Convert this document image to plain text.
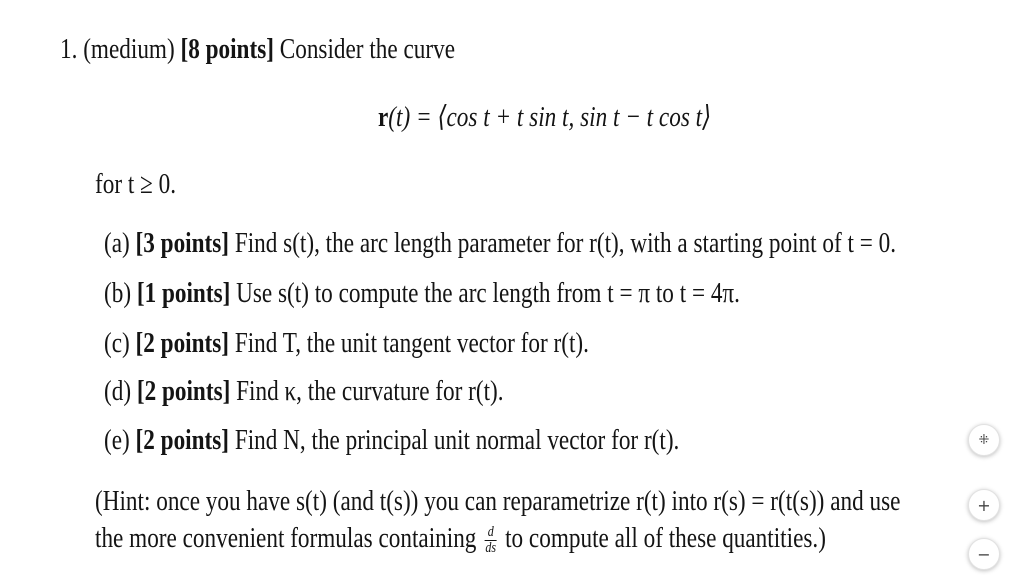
1. (medium) [8 points] Consider the curve
r(t) = ⟨cos t + t sin t, sin t − t cos t⟩
for t ≥ 0.
(a) [3 points] Find s(t), the arc length parameter for r(t), with a starting point of t = 0.
(b) [1 points] Use s(t) to compute the arc length from t = π to t = 4π.
(c) [2 points] Find T, the unit tangent vector for r(t).
(d) [2 points] Find κ, the curvature for r(t).
(e) [2 points] Find N, the principal unit normal vector for r(t).
(Hint: once you have s(t) (and t(s)) you can reparametrize r(t) into r(s) = r(t(s)) and use
the more convenient formulas containing $\frac{d}{ds}$ to compute all of these quantities.)
⁜
+
−
